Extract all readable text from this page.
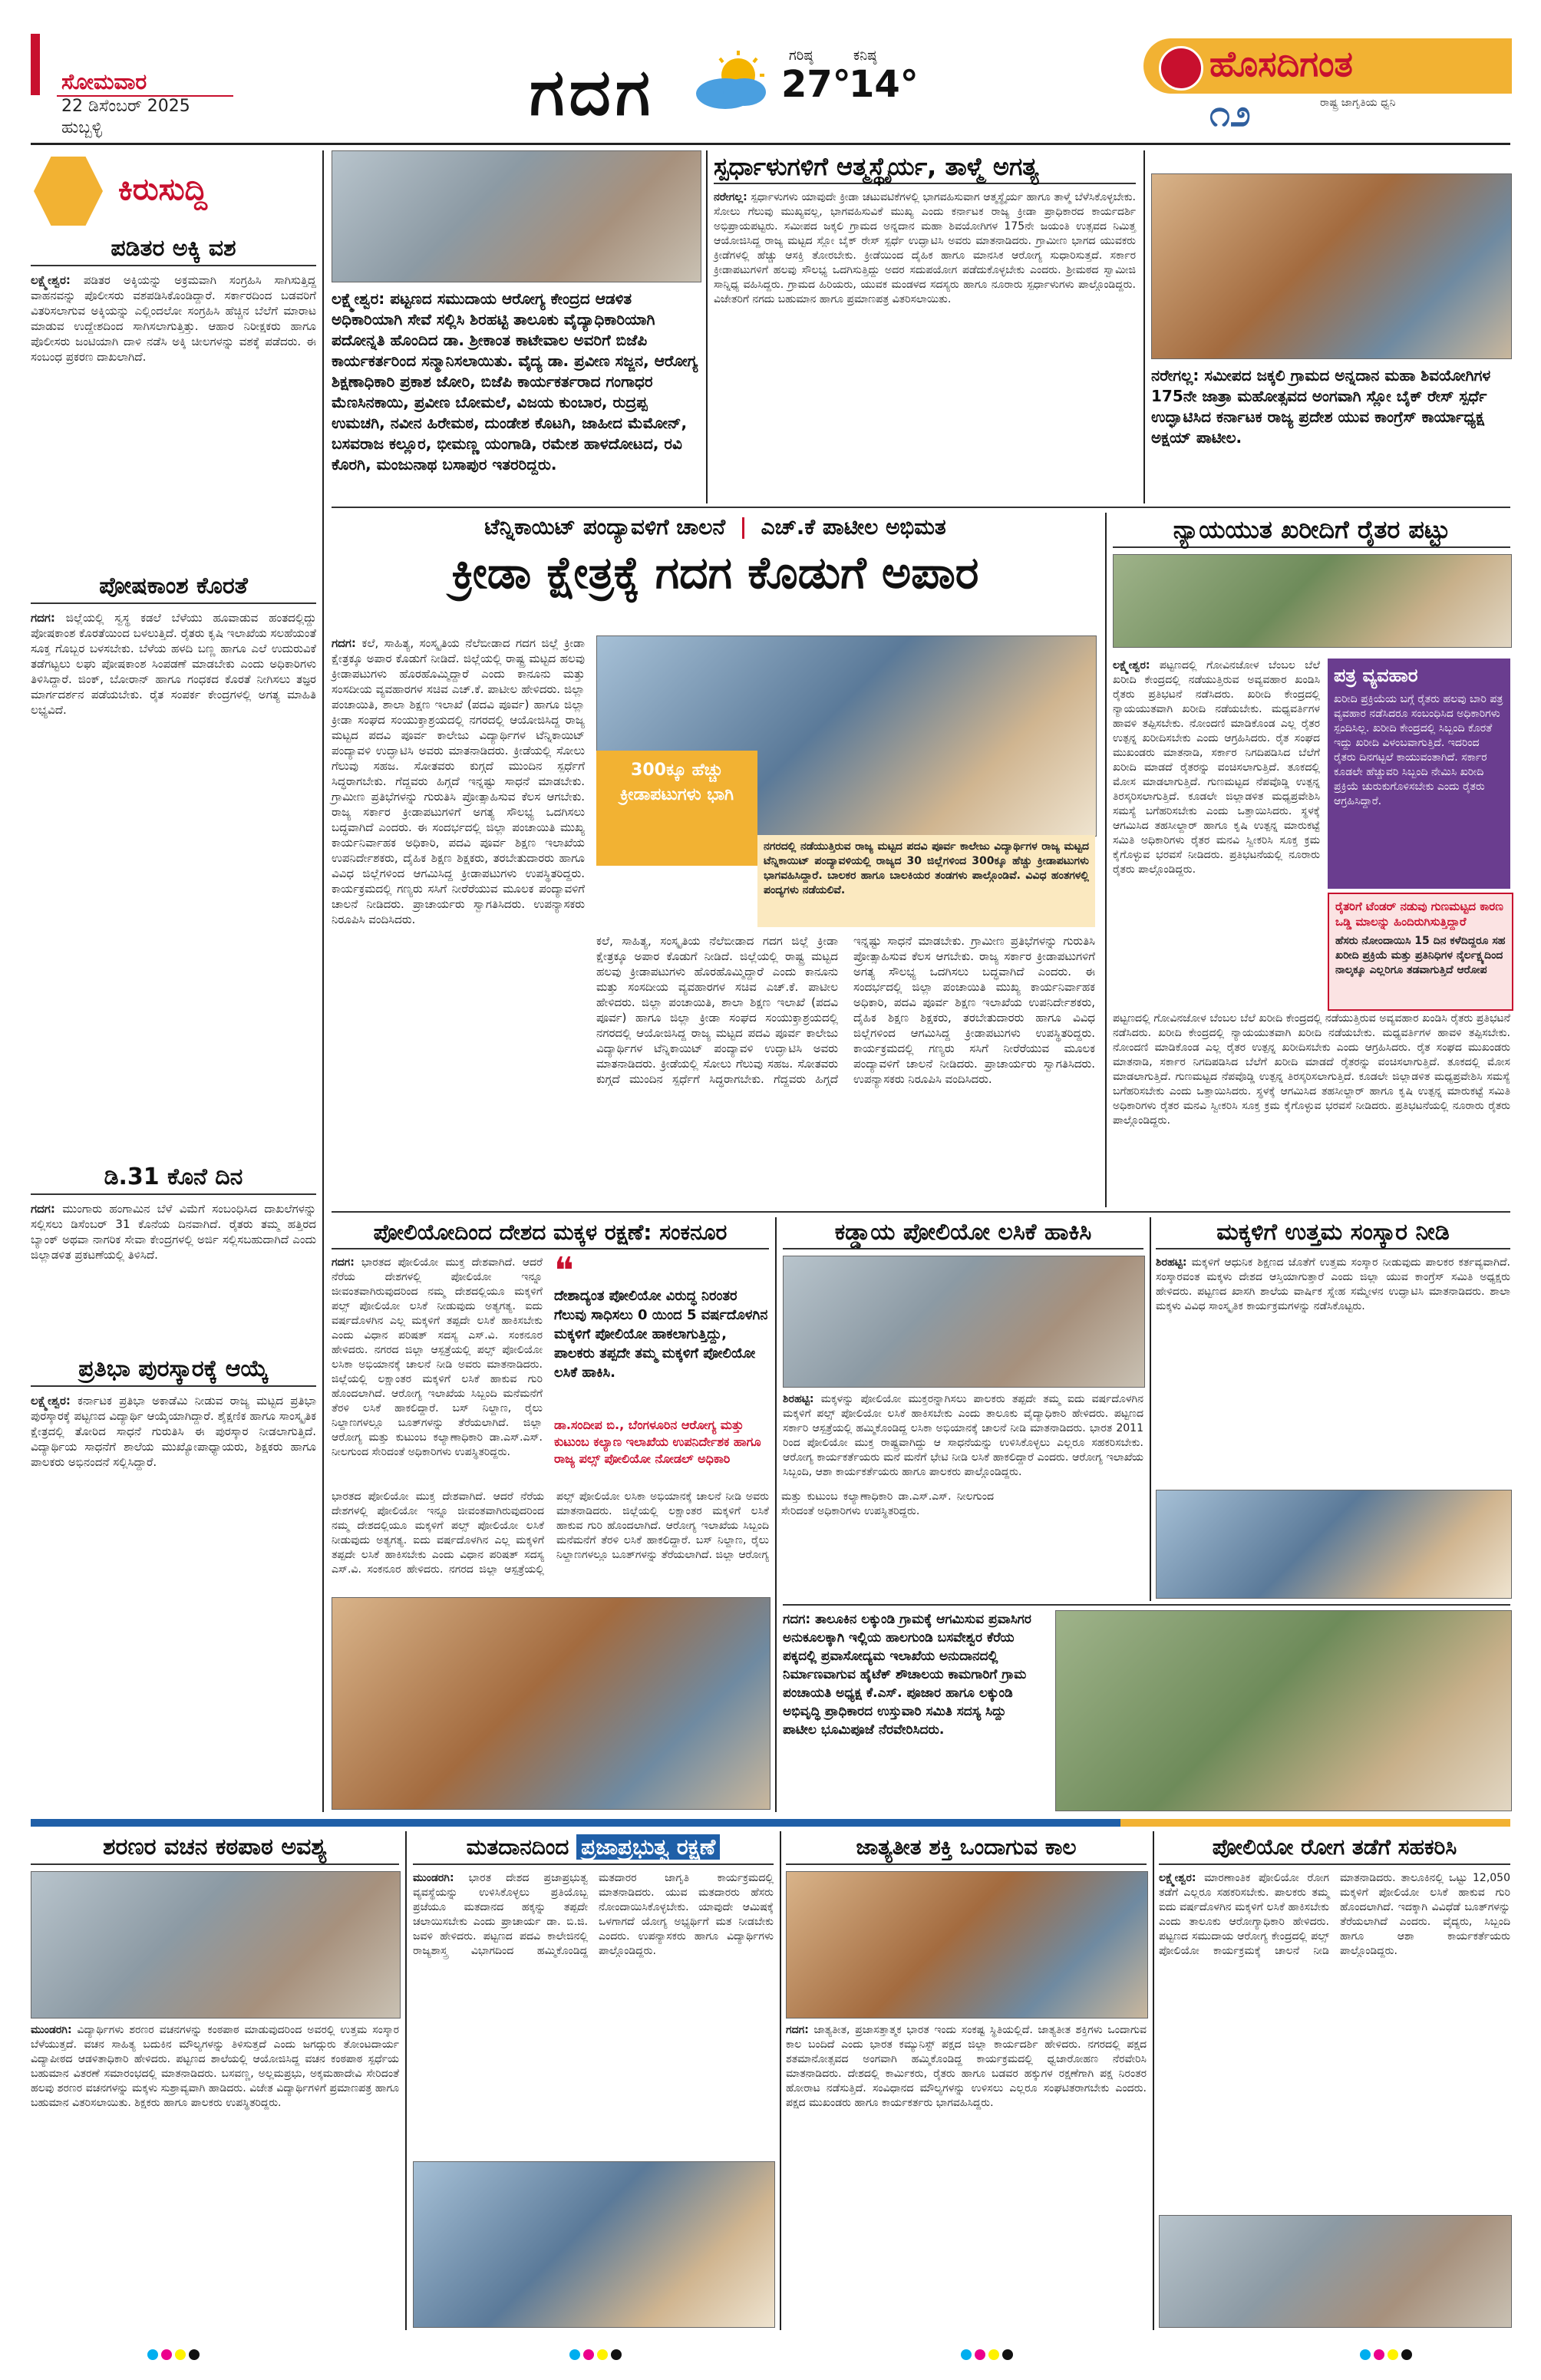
ಸೋಮವಾರ
22 ಡಿಸೆಂಬರ್ 2025
ಹುಬ್ಬಳ್ಳಿ	ಗದಗ	ಗರಿಷ್ಠ
27°
ಕನಿಷ್ಠ
14°	ಹೊಸದಿಗಂತ
ರಾಷ್ಟ್ರ ಜಾಗೃತಿಯ ಧ್ವನಿ
೧೨
ಕಿರುಸುದ್ದಿ
ಪಡಿತರ ಅಕ್ಕಿ ವಶ
ಲಕ್ಷ್ಮೇಶ್ವರ: ಪಡಿತರ ಅಕ್ಕಿಯನ್ನು ಅಕ್ರಮವಾಗಿ ಸಂಗ್ರಹಿಸಿ ಸಾಗಿಸುತ್ತಿದ್ದ ವಾಹನವನ್ನು ಪೊಲೀಸರು ವಶಪಡಿಸಿಕೊಂಡಿದ್ದಾರೆ. ಸರ್ಕಾರದಿಂದ ಬಡವರಿಗೆ ವಿತರಿಸಲಾಗುವ ಅಕ್ಕಿಯನ್ನು ಎಲ್ಲಿಂದಲೋ ಸಂಗ್ರಹಿಸಿ ಹೆಚ್ಚಿನ ಬೆಲೆಗೆ ಮಾರಾಟ ಮಾಡುವ ಉದ್ದೇಶದಿಂದ ಸಾಗಿಸಲಾಗುತ್ತಿತ್ತು. ಆಹಾರ ನಿರೀಕ್ಷಕರು ಹಾಗೂ ಪೊಲೀಸರು ಜಂಟಿಯಾಗಿ ದಾಳಿ ನಡೆಸಿ ಅಕ್ಕಿ ಚೀಲಗಳನ್ನು ವಶಕ್ಕೆ ಪಡೆದರು. ಈ ಸಂಬಂಧ ಪ್ರಕರಣ ದಾಖಲಾಗಿದೆ.
ಪೋಷಕಾಂಶ ಕೊರತೆ
ಗದಗ: ಜಿಲ್ಲೆಯಲ್ಲಿ ಸ್ವಸ್ಥ ಕಡಲೆ ಬೆಳೆಯು ಹೂವಾಡುವ ಹಂತದಲ್ಲಿದ್ದು ಪೋಷಕಾಂಶ ಕೊರತೆಯಿಂದ ಬಳಲುತ್ತಿದೆ. ರೈತರು ಕೃಷಿ ಇಲಾಖೆಯ ಸಲಹೆಯಂತೆ ಸೂಕ್ತ ಗೊಬ್ಬರ ಬಳಸಬೇಕು. ಬೆಳೆಯ ಹಳದಿ ಬಣ್ಣ ಹಾಗೂ ಎಲೆ ಉದುರುವಿಕೆ ತಡೆಗಟ್ಟಲು ಲಘು ಪೋಷಕಾಂಶ ಸಿಂಪಡಣೆ ಮಾಡಬೇಕು ಎಂದು ಅಧಿಕಾರಿಗಳು ತಿಳಿಸಿದ್ದಾರೆ. ಜಿಂಕ್, ಬೋರಾನ್ ಹಾಗೂ ಗಂಧಕದ ಕೊರತೆ ನೀಗಿಸಲು ತಜ್ಞರ ಮಾರ್ಗದರ್ಶನ ಪಡೆಯಬೇಕು. ರೈತ ಸಂಪರ್ಕ ಕೇಂದ್ರಗಳಲ್ಲಿ ಅಗತ್ಯ ಮಾಹಿತಿ ಲಭ್ಯವಿದೆ.
ಡಿ.31 ಕೊನೆ ದಿನ
ಗದಗ: ಮುಂಗಾರು ಹಂಗಾಮಿನ ಬೆಳೆ ವಿಮೆಗೆ ಸಂಬಂಧಿಸಿದ ದಾಖಲೆಗಳನ್ನು ಸಲ್ಲಿಸಲು ಡಿಸೆಂಬರ್ 31 ಕೊನೆಯ ದಿನವಾಗಿದೆ. ರೈತರು ತಮ್ಮ ಹತ್ತಿರದ ಬ್ಯಾಂಕ್ ಅಥವಾ ನಾಗರಿಕ ಸೇವಾ ಕೇಂದ್ರಗಳಲ್ಲಿ ಅರ್ಜಿ ಸಲ್ಲಿಸಬಹುದಾಗಿದೆ ಎಂದು ಜಿಲ್ಲಾಡಳಿತ ಪ್ರಕಟಣೆಯಲ್ಲಿ ತಿಳಿಸಿದೆ.
ಪ್ರತಿಭಾ ಪುರಸ್ಕಾರಕ್ಕೆ ಆಯ್ಕೆ
ಲಕ್ಷ್ಮೇಶ್ವರ: ಕರ್ನಾಟಕ ಪ್ರತಿಭಾ ಅಕಾಡೆಮಿ ನೀಡುವ ರಾಜ್ಯ ಮಟ್ಟದ ಪ್ರತಿಭಾ ಪುರಸ್ಕಾರಕ್ಕೆ ಪಟ್ಟಣದ ವಿದ್ಯಾರ್ಥಿ ಆಯ್ಕೆಯಾಗಿದ್ದಾರೆ. ಶೈಕ್ಷಣಿಕ ಹಾಗೂ ಸಾಂಸ್ಕೃತಿಕ ಕ್ಷೇತ್ರದಲ್ಲಿ ತೋರಿದ ಸಾಧನೆ ಗುರುತಿಸಿ ಈ ಪುರಸ್ಕಾರ ನೀಡಲಾಗುತ್ತಿದೆ. ವಿದ್ಯಾರ್ಥಿಯ ಸಾಧನೆಗೆ ಶಾಲೆಯ ಮುಖ್ಯೋಪಾಧ್ಯಾಯರು, ಶಿಕ್ಷಕರು ಹಾಗೂ ಪಾಲಕರು ಅಭಿನಂದನೆ ಸಲ್ಲಿಸಿದ್ದಾರೆ.
ಲಕ್ಷ್ಮೇಶ್ವರ: ಪಟ್ಟಣದ ಸಮುದಾಯ ಆರೋಗ್ಯ ಕೇಂದ್ರದ ಆಡಳಿತ ಅಧಿಕಾರಿಯಾಗಿ ಸೇವೆ ಸಲ್ಲಿಸಿ ಶಿರಹಟ್ಟಿ ತಾಲೂಕು ವೈದ್ಯಾಧಿಕಾರಿಯಾಗಿ ಪದೋನ್ನತಿ ಹೊಂದಿದ ಡಾ. ಶ್ರೀಕಾಂತ ಕಾಟೇವಾಲ ಅವರಿಗೆ ಬಿಜೆಪಿ ಕಾರ್ಯಕರ್ತರಿಂದ ಸನ್ಮಾನಿಸಲಾಯಿತು. ವೈದ್ಯ ಡಾ. ಪ್ರವೀಣ ಸಜ್ಜನ, ಆರೋಗ್ಯ ಶಿಕ್ಷಣಾಧಿಕಾರಿ ಪ್ರಕಾಶ ಜೋರಿ, ಬಿಜೆಪಿ ಕಾರ್ಯಕರ್ತರಾದ ಗಂಗಾಧರ ಮೆಣಸಿನಕಾಯಿ, ಪ್ರವೀಣ ಬೋಮಲೆ, ವಿಜಯ ಕುಂಬಾರ, ರುದ್ರಪ್ಪ ಉಮಚಗಿ, ನವೀನ ಹಿರೇಮಠ, ದುಂಡೇಶ ಕೊಟಗಿ, ಜಾಹೀದ ಮೆಮೋನ್, ಬಸವರಾಜ ಕಲ್ಲೂರ, ಭೀಮಣ್ಣ ಯಂಗಾಡಿ, ರಮೇಶ ಹಾಳದೋಟದ, ರವಿ ಕೊರಗಿ, ಮಂಜುನಾಥ ಬಸಾಪುರ ಇತರರಿದ್ದರು.
ಸ್ಪರ್ಧಾಳುಗಳಿಗೆ ಆತ್ಮಸ್ಥೈರ್ಯ, ತಾಳ್ಮೆ ಅಗತ್ಯ
ನರೇಗಲ್ಲ: ಸ್ಪರ್ಧಾಳುಗಳು ಯಾವುದೇ ಕ್ರೀಡಾ ಚಟುವಟಿಕೆಗಳಲ್ಲಿ ಭಾಗವಹಿಸುವಾಗ ಆತ್ಮಸ್ಥೈರ್ಯ ಹಾಗೂ ತಾಳ್ಮೆ ಬೆಳೆಸಿಕೊಳ್ಳಬೇಕು. ಸೋಲು ಗೆಲುವು ಮುಖ್ಯವಲ್ಲ, ಭಾಗವಹಿಸುವಿಕೆ ಮುಖ್ಯ ಎಂದು ಕರ್ನಾಟಕ ರಾಜ್ಯ ಕ್ರೀಡಾ ಪ್ರಾಧಿಕಾರದ ಕಾರ್ಯದರ್ಶಿ ಅಭಿಪ್ರಾಯಪಟ್ಟರು. ಸಮೀಪದ ಜಕ್ಕಲಿ ಗ್ರಾಮದ ಅನ್ನದಾನ ಮಹಾ ಶಿವಯೋಗಿಗಳ 175ನೇ ಜಯಂತಿ ಉತ್ಸವದ ನಿಮಿತ್ತ ಆಯೋಜಿಸಿದ್ದ ರಾಜ್ಯ ಮಟ್ಟದ ಸ್ಲೋ ಬೈಕ್ ರೇಸ್ ಸ್ಪರ್ಧೆ ಉದ್ಘಾಟಿಸಿ ಅವರು ಮಾತನಾಡಿದರು. ಗ್ರಾಮೀಣ ಭಾಗದ ಯುವಕರು ಕ್ರೀಡೆಗಳಲ್ಲಿ ಹೆಚ್ಚು ಆಸಕ್ತಿ ತೋರಬೇಕು. ಕ್ರೀಡೆಯಿಂದ ದೈಹಿಕ ಹಾಗೂ ಮಾನಸಿಕ ಆರೋಗ್ಯ ಸುಧಾರಿಸುತ್ತದೆ. ಸರ್ಕಾರ ಕ್ರೀಡಾಪಟುಗಳಿಗೆ ಹಲವು ಸೌಲಭ್ಯ ಒದಗಿಸುತ್ತಿದ್ದು ಅದರ ಸದುಪಯೋಗ ಪಡೆದುಕೊಳ್ಳಬೇಕು ಎಂದರು. ಶ್ರೀಮಠದ ಸ್ವಾಮೀಜಿ ಸಾನ್ನಿಧ್ಯ ವಹಿಸಿದ್ದರು. ಗ್ರಾಮದ ಹಿರಿಯರು, ಯುವಕ ಮಂಡಳದ ಸದಸ್ಯರು ಹಾಗೂ ನೂರಾರು ಸ್ಪರ್ಧಾಳುಗಳು ಪಾಲ್ಗೊಂಡಿದ್ದರು. ವಿಜೇತರಿಗೆ ನಗದು ಬಹುಮಾನ ಹಾಗೂ ಪ್ರಮಾಣಪತ್ರ ವಿತರಿಸಲಾಯಿತು.
ನರೇಗಲ್ಲ: ಸಮೀಪದ ಜಕ್ಕಲಿ ಗ್ರಾಮದ ಅನ್ನದಾನ ಮಹಾ ಶಿವಯೋಗಿಗಳ 175ನೇ ಜಾತ್ರಾ ಮಹೋತ್ಸವದ ಅಂಗವಾಗಿ ಸ್ಲೋ ಬೈಕ್ ರೇಸ್ ಸ್ಪರ್ಧೆ ಉದ್ಘಾಟಿಸಿದ ಕರ್ನಾಟಕ ರಾಜ್ಯ ಪ್ರದೇಶ ಯುವ ಕಾಂಗ್ರೆಸ್ ಕಾರ್ಯಾಧ್ಯಕ್ಷ ಅಕ್ಷಯ್ ಪಾಟೀಲ.
ಟೆನ್ನಿಕಾಯಿಟ್ ಪಂದ್ಯಾವಳಿಗೆ ಚಾಲನೆ ಎಚ್.ಕೆ ಪಾಟೀಲ ಅಭಿಮತ
ಕ್ರೀಡಾ ಕ್ಷೇತ್ರಕ್ಕೆ ಗದಗ ಕೊಡುಗೆ ಅಪಾರ
ಗದಗ: ಕಲೆ, ಸಾಹಿತ್ಯ, ಸಂಸ್ಕೃತಿಯ ನೆಲೆಬೀಡಾದ ಗದಗ ಜಿಲ್ಲೆ ಕ್ರೀಡಾ ಕ್ಷೇತ್ರಕ್ಕೂ ಅಪಾರ ಕೊಡುಗೆ ನೀಡಿದೆ. ಜಿಲ್ಲೆಯಲ್ಲಿ ರಾಷ್ಟ್ರ ಮಟ್ಟದ ಹಲವು ಕ್ರೀಡಾಪಟುಗಳು ಹೊರಹೊಮ್ಮಿದ್ದಾರೆ ಎಂದು ಕಾನೂನು ಮತ್ತು ಸಂಸದೀಯ ವ್ಯವಹಾರಗಳ ಸಚಿವ ಎಚ್.ಕೆ. ಪಾಟೀಲ ಹೇಳಿದರು. ಜಿಲ್ಲಾ ಪಂಚಾಯಿತಿ, ಶಾಲಾ ಶಿಕ್ಷಣ ಇಲಾಖೆ (ಪದವಿ ಪೂರ್ವ) ಹಾಗೂ ಜಿಲ್ಲಾ ಕ್ರೀಡಾ ಸಂಘದ ಸಂಯುಕ್ತಾಶ್ರಯದಲ್ಲಿ ನಗರದಲ್ಲಿ ಆಯೋಜಿಸಿದ್ದ ರಾಜ್ಯ ಮಟ್ಟದ ಪದವಿ ಪೂರ್ವ ಕಾಲೇಜು ವಿದ್ಯಾರ್ಥಿಗಳ ಟೆನ್ನಿಕಾಯಿಟ್ ಪಂದ್ಯಾವಳಿ ಉದ್ಘಾಟಿಸಿ ಅವರು ಮಾತನಾಡಿದರು. ಕ್ರೀಡೆಯಲ್ಲಿ ಸೋಲು ಗೆಲುವು ಸಹಜ. ಸೋತವರು ಕುಗ್ಗದೆ ಮುಂದಿನ ಸ್ಪರ್ಧೆಗೆ ಸಿದ್ಧರಾಗಬೇಕು. ಗೆದ್ದವರು ಹಿಗ್ಗದೆ ಇನ್ನಷ್ಟು ಸಾಧನೆ ಮಾಡಬೇಕು. ಗ್ರಾಮೀಣ ಪ್ರತಿಭೆಗಳನ್ನು ಗುರುತಿಸಿ ಪ್ರೋತ್ಸಾಹಿಸುವ ಕೆಲಸ ಆಗಬೇಕು. ರಾಜ್ಯ ಸರ್ಕಾರ ಕ್ರೀಡಾಪಟುಗಳಿಗೆ ಅಗತ್ಯ ಸೌಲಭ್ಯ ಒದಗಿಸಲು ಬದ್ಧವಾಗಿದೆ ಎಂದರು. ಈ ಸಂದರ್ಭದಲ್ಲಿ ಜಿಲ್ಲಾ ಪಂಚಾಯಿತಿ ಮುಖ್ಯ ಕಾರ್ಯನಿರ್ವಾಹಕ ಅಧಿಕಾರಿ, ಪದವಿ ಪೂರ್ವ ಶಿಕ್ಷಣ ಇಲಾಖೆಯ ಉಪನಿರ್ದೇಶಕರು, ದೈಹಿಕ ಶಿಕ್ಷಣ ಶಿಕ್ಷಕರು, ತರಬೇತುದಾರರು ಹಾಗೂ ವಿವಿಧ ಜಿಲ್ಲೆಗಳಿಂದ ಆಗಮಿಸಿದ್ದ ಕ್ರೀಡಾಪಟುಗಳು ಉಪಸ್ಥಿತರಿದ್ದರು. ಕಾರ್ಯಕ್ರಮದಲ್ಲಿ ಗಣ್ಯರು ಸಸಿಗೆ ನೀರೆರೆಯುವ ಮೂಲಕ ಪಂದ್ಯಾವಳಿಗೆ ಚಾಲನೆ ನೀಡಿದರು. ಪ್ರಾಚಾರ್ಯರು ಸ್ವಾಗತಿಸಿದರು. ಉಪನ್ಯಾಸಕರು ನಿರೂಪಿಸಿ ವಂದಿಸಿದರು.
300ಕ್ಕೂ ಹೆಚ್ಚು ಕ್ರೀಡಾಪಟುಗಳು ಭಾಗಿ
ನಗರದಲ್ಲಿ ನಡೆಯುತ್ತಿರುವ ರಾಜ್ಯ ಮಟ್ಟದ ಪದವಿ ಪೂರ್ವ ಕಾಲೇಜು ವಿದ್ಯಾರ್ಥಿಗಳ ರಾಜ್ಯ ಮಟ್ಟದ ಟೆನ್ನಿಕಾಯಿಟ್ ಪಂದ್ಯಾವಳಿಯಲ್ಲಿ ರಾಜ್ಯದ 30 ಜಿಲ್ಲೆಗಳಿಂದ 300ಕ್ಕೂ ಹೆಚ್ಚು ಕ್ರೀಡಾಪಟುಗಳು ಭಾಗವಹಿಸಿದ್ದಾರೆ. ಬಾಲಕರ ಹಾಗೂ ಬಾಲಕಿಯರ ತಂಡಗಳು ಪಾಲ್ಗೊಂಡಿವೆ. ವಿವಿಧ ಹಂತಗಳಲ್ಲಿ ಪಂದ್ಯಗಳು ನಡೆಯಲಿವೆ.
ಕಲೆ, ಸಾಹಿತ್ಯ, ಸಂಸ್ಕೃತಿಯ ನೆಲೆಬೀಡಾದ ಗದಗ ಜಿಲ್ಲೆ ಕ್ರೀಡಾ ಕ್ಷೇತ್ರಕ್ಕೂ ಅಪಾರ ಕೊಡುಗೆ ನೀಡಿದೆ. ಜಿಲ್ಲೆಯಲ್ಲಿ ರಾಷ್ಟ್ರ ಮಟ್ಟದ ಹಲವು ಕ್ರೀಡಾಪಟುಗಳು ಹೊರಹೊಮ್ಮಿದ್ದಾರೆ ಎಂದು ಕಾನೂನು ಮತ್ತು ಸಂಸದೀಯ ವ್ಯವಹಾರಗಳ ಸಚಿವ ಎಚ್.ಕೆ. ಪಾಟೀಲ ಹೇಳಿದರು. ಜಿಲ್ಲಾ ಪಂಚಾಯಿತಿ, ಶಾಲಾ ಶಿಕ್ಷಣ ಇಲಾಖೆ (ಪದವಿ ಪೂರ್ವ) ಹಾಗೂ ಜಿಲ್ಲಾ ಕ್ರೀಡಾ ಸಂಘದ ಸಂಯುಕ್ತಾಶ್ರಯದಲ್ಲಿ ನಗರದಲ್ಲಿ ಆಯೋಜಿಸಿದ್ದ ರಾಜ್ಯ ಮಟ್ಟದ ಪದವಿ ಪೂರ್ವ ಕಾಲೇಜು ವಿದ್ಯಾರ್ಥಿಗಳ ಟೆನ್ನಿಕಾಯಿಟ್ ಪಂದ್ಯಾವಳಿ ಉದ್ಘಾಟಿಸಿ ಅವರು ಮಾತನಾಡಿದರು. ಕ್ರೀಡೆಯಲ್ಲಿ ಸೋಲು ಗೆಲುವು ಸಹಜ. ಸೋತವರು ಕುಗ್ಗದೆ ಮುಂದಿನ ಸ್ಪರ್ಧೆಗೆ ಸಿದ್ಧರಾಗಬೇಕು. ಗೆದ್ದವರು ಹಿಗ್ಗದೆ ಇನ್ನಷ್ಟು ಸಾಧನೆ ಮಾಡಬೇಕು. ಗ್ರಾಮೀಣ ಪ್ರತಿಭೆಗಳನ್ನು ಗುರುತಿಸಿ ಪ್ರೋತ್ಸಾಹಿಸುವ ಕೆಲಸ ಆಗಬೇಕು. ರಾಜ್ಯ ಸರ್ಕಾರ ಕ್ರೀಡಾಪಟುಗಳಿಗೆ ಅಗತ್ಯ ಸೌಲಭ್ಯ ಒದಗಿಸಲು ಬದ್ಧವಾಗಿದೆ ಎಂದರು. ಈ ಸಂದರ್ಭದಲ್ಲಿ ಜಿಲ್ಲಾ ಪಂಚಾಯಿತಿ ಮುಖ್ಯ ಕಾರ್ಯನಿರ್ವಾಹಕ ಅಧಿಕಾರಿ, ಪದವಿ ಪೂರ್ವ ಶಿಕ್ಷಣ ಇಲಾಖೆಯ ಉಪನಿರ್ದೇಶಕರು, ದೈಹಿಕ ಶಿಕ್ಷಣ ಶಿಕ್ಷಕರು, ತರಬೇತುದಾರರು ಹಾಗೂ ವಿವಿಧ ಜಿಲ್ಲೆಗಳಿಂದ ಆಗಮಿಸಿದ್ದ ಕ್ರೀಡಾಪಟುಗಳು ಉಪಸ್ಥಿತರಿದ್ದರು. ಕಾರ್ಯಕ್ರಮದಲ್ಲಿ ಗಣ್ಯರು ಸಸಿಗೆ ನೀರೆರೆಯುವ ಮೂಲಕ ಪಂದ್ಯಾವಳಿಗೆ ಚಾಲನೆ ನೀಡಿದರು. ಪ್ರಾಚಾರ್ಯರು ಸ್ವಾಗತಿಸಿದರು. ಉಪನ್ಯಾಸಕರು ನಿರೂಪಿಸಿ ವಂದಿಸಿದರು.
ನ್ಯಾಯಯುತ ಖರೀದಿಗೆ ರೈತರ ಪಟ್ಟು
ಲಕ್ಷ್ಮೇಶ್ವರ: ಪಟ್ಟಣದಲ್ಲಿ ಗೋವಿನಜೋಳ ಬೆಂಬಲ ಬೆಲೆ ಖರೀದಿ ಕೇಂದ್ರದಲ್ಲಿ ನಡೆಯುತ್ತಿರುವ ಅವ್ಯವಹಾರ ಖಂಡಿಸಿ ರೈತರು ಪ್ರತಿಭಟನೆ ನಡೆಸಿದರು. ಖರೀದಿ ಕೇಂದ್ರದಲ್ಲಿ ನ್ಯಾಯಯುತವಾಗಿ ಖರೀದಿ ನಡೆಯಬೇಕು. ಮಧ್ಯವರ್ತಿಗಳ ಹಾವಳಿ ತಪ್ಪಿಸಬೇಕು. ನೋಂದಣಿ ಮಾಡಿಕೊಂಡ ಎಲ್ಲ ರೈತರ ಉತ್ಪನ್ನ ಖರೀದಿಸಬೇಕು ಎಂದು ಆಗ್ರಹಿಸಿದರು. ರೈತ ಸಂಘದ ಮುಖಂಡರು ಮಾತನಾಡಿ, ಸರ್ಕಾರ ನಿಗದಿಪಡಿಸಿದ ಬೆಲೆಗೆ ಖರೀದಿ ಮಾಡದೆ ರೈತರನ್ನು ವಂಚಿಸಲಾಗುತ್ತಿದೆ. ತೂಕದಲ್ಲಿ ಮೋಸ ಮಾಡಲಾಗುತ್ತಿದೆ. ಗುಣಮಟ್ಟದ ನೆಪವೊಡ್ಡಿ ಉತ್ಪನ್ನ ತಿರಸ್ಕರಿಸಲಾಗುತ್ತಿದೆ. ಕೂಡಲೇ ಜಿಲ್ಲಾಡಳಿತ ಮಧ್ಯಪ್ರವೇಶಿಸಿ ಸಮಸ್ಯೆ ಬಗೆಹರಿಸಬೇಕು ಎಂದು ಒತ್ತಾಯಿಸಿದರು. ಸ್ಥಳಕ್ಕೆ ಆಗಮಿಸಿದ ತಹಸೀಲ್ದಾರ್ ಹಾಗೂ ಕೃಷಿ ಉತ್ಪನ್ನ ಮಾರುಕಟ್ಟೆ ಸಮಿತಿ ಅಧಿಕಾರಿಗಳು ರೈತರ ಮನವಿ ಸ್ವೀಕರಿಸಿ ಸೂಕ್ತ ಕ್ರಮ ಕೈಗೊಳ್ಳುವ ಭರವಸೆ ನೀಡಿದರು. ಪ್ರತಿಭಟನೆಯಲ್ಲಿ ನೂರಾರು ರೈತರು ಪಾಲ್ಗೊಂಡಿದ್ದರು.
ಪತ್ರ ವ್ಯವಹಾರ
ಖರೀದಿ ಪ್ರಕ್ರಿಯೆಯ ಬಗ್ಗೆ ರೈತರು ಹಲವು ಬಾರಿ ಪತ್ರ ವ್ಯವಹಾರ ನಡೆಸಿದರೂ ಸಂಬಂಧಿಸಿದ ಅಧಿಕಾರಿಗಳು ಸ್ಪಂದಿಸಿಲ್ಲ. ಖರೀದಿ ಕೇಂದ್ರದಲ್ಲಿ ಸಿಬ್ಬಂದಿ ಕೊರತೆ ಇದ್ದು ಖರೀದಿ ವಿಳಂಬವಾಗುತ್ತಿದೆ. ಇದರಿಂದ ರೈತರು ದಿನಗಟ್ಟಲೆ ಕಾಯುವಂತಾಗಿದೆ. ಸರ್ಕಾರ ಕೂಡಲೇ ಹೆಚ್ಚುವರಿ ಸಿಬ್ಬಂದಿ ನೇಮಿಸಿ ಖರೀದಿ ಪ್ರಕ್ರಿಯೆ ಚುರುಕುಗೊಳಿಸಬೇಕು ಎಂದು ರೈತರು ಆಗ್ರಹಿಸಿದ್ದಾರೆ.
ರೈತರಿಗೆ ಟೆಂಡರ್ ನಡುವು ಗುಣಮಟ್ಟದ ಕಾರಣ ಒಡ್ಡಿ ಮಾಲನ್ನು ಹಿಂದಿರುಗಿಸುತ್ತಿದ್ದಾರೆ
ಹೆಸರು ನೋಂದಾಯಿಸಿ 15 ದಿನ ಕಳೆದಿದ್ದರೂ ಸಹ ಖರೀದಿ ಪ್ರಕ್ರಿಯೆ ಮತ್ತು ಪ್ರತಿನಿಧಿಗಳ ನೈರ್ಲಕ್ಷ್ಯದಿಂದ ನಾಲ್ಕಕ್ಕೂ ಎಲ್ಲರಿಗೂ ತಡವಾಗುತ್ತಿದೆ ಆರೋಪ
ಪಟ್ಟಣದಲ್ಲಿ ಗೋವಿನಜೋಳ ಬೆಂಬಲ ಬೆಲೆ ಖರೀದಿ ಕೇಂದ್ರದಲ್ಲಿ ನಡೆಯುತ್ತಿರುವ ಅವ್ಯವಹಾರ ಖಂಡಿಸಿ ರೈತರು ಪ್ರತಿಭಟನೆ ನಡೆಸಿದರು. ಖರೀದಿ ಕೇಂದ್ರದಲ್ಲಿ ನ್ಯಾಯಯುತವಾಗಿ ಖರೀದಿ ನಡೆಯಬೇಕು. ಮಧ್ಯವರ್ತಿಗಳ ಹಾವಳಿ ತಪ್ಪಿಸಬೇಕು. ನೋಂದಣಿ ಮಾಡಿಕೊಂಡ ಎಲ್ಲ ರೈತರ ಉತ್ಪನ್ನ ಖರೀದಿಸಬೇಕು ಎಂದು ಆಗ್ರಹಿಸಿದರು. ರೈತ ಸಂಘದ ಮುಖಂಡರು ಮಾತನಾಡಿ, ಸರ್ಕಾರ ನಿಗದಿಪಡಿಸಿದ ಬೆಲೆಗೆ ಖರೀದಿ ಮಾಡದೆ ರೈತರನ್ನು ವಂಚಿಸಲಾಗುತ್ತಿದೆ. ತೂಕದಲ್ಲಿ ಮೋಸ ಮಾಡಲಾಗುತ್ತಿದೆ. ಗುಣಮಟ್ಟದ ನೆಪವೊಡ್ಡಿ ಉತ್ಪನ್ನ ತಿರಸ್ಕರಿಸಲಾಗುತ್ತಿದೆ. ಕೂಡಲೇ ಜಿಲ್ಲಾಡಳಿತ ಮಧ್ಯಪ್ರವೇಶಿಸಿ ಸಮಸ್ಯೆ ಬಗೆಹರಿಸಬೇಕು ಎಂದು ಒತ್ತಾಯಿಸಿದರು. ಸ್ಥಳಕ್ಕೆ ಆಗಮಿಸಿದ ತಹಸೀಲ್ದಾರ್ ಹಾಗೂ ಕೃಷಿ ಉತ್ಪನ್ನ ಮಾರುಕಟ್ಟೆ ಸಮಿತಿ ಅಧಿಕಾರಿಗಳು ರೈತರ ಮನವಿ ಸ್ವೀಕರಿಸಿ ಸೂಕ್ತ ಕ್ರಮ ಕೈಗೊಳ್ಳುವ ಭರವಸೆ ನೀಡಿದರು. ಪ್ರತಿಭಟನೆಯಲ್ಲಿ ನೂರಾರು ರೈತರು ಪಾಲ್ಗೊಂಡಿದ್ದರು.
ಪೋಲಿಯೋದಿಂದ ದೇಶದ ಮಕ್ಕಳ ರಕ್ಷಣೆ: ಸಂಕನೂರ
ಗದಗ: ಭಾರತದ ಪೋಲಿಯೋ ಮುಕ್ತ ದೇಶವಾಗಿದೆ. ಆದರೆ ನೆರೆಯ ದೇಶಗಳಲ್ಲಿ ಪೋಲಿಯೋ ಇನ್ನೂ ಜೀವಂತವಾಗಿರುವುದರಿಂದ ನಮ್ಮ ದೇಶದಲ್ಲಿಯೂ ಮಕ್ಕಳಿಗೆ ಪಲ್ಸ್ ಪೋಲಿಯೋ ಲಸಿಕೆ ನೀಡುವುದು ಅತ್ಯಗತ್ಯ. ಐದು ವರ್ಷದೊಳಗಿನ ಎಲ್ಲ ಮಕ್ಕಳಿಗೆ ತಪ್ಪದೇ ಲಸಿಕೆ ಹಾಕಿಸಬೇಕು ಎಂದು ವಿಧಾನ ಪರಿಷತ್ ಸದಸ್ಯ ಎಸ್.ವಿ. ಸಂಕನೂರ ಹೇಳಿದರು. ನಗರದ ಜಿಲ್ಲಾ ಆಸ್ಪತ್ರೆಯಲ್ಲಿ ಪಲ್ಸ್ ಪೋಲಿಯೋ ಲಸಿಕಾ ಅಭಿಯಾನಕ್ಕೆ ಚಾಲನೆ ನೀಡಿ ಅವರು ಮಾತನಾಡಿದರು. ಜಿಲ್ಲೆಯಲ್ಲಿ ಲಕ್ಷಾಂತರ ಮಕ್ಕಳಿಗೆ ಲಸಿಕೆ ಹಾಕುವ ಗುರಿ ಹೊಂದಲಾಗಿದೆ. ಆರೋಗ್ಯ ಇಲಾಖೆಯ ಸಿಬ್ಬಂದಿ ಮನೆಮನೆಗೆ ತೆರಳಿ ಲಸಿಕೆ ಹಾಕಲಿದ್ದಾರೆ. ಬಸ್ ನಿಲ್ದಾಣ, ರೈಲು ನಿಲ್ದಾಣಗಳಲ್ಲೂ ಬೂತ್‌ಗಳನ್ನು ತೆರೆಯಲಾಗಿದೆ. ಜಿಲ್ಲಾ ಆರೋಗ್ಯ ಮತ್ತು ಕುಟುಂಬ ಕಲ್ಯಾಣಾಧಿಕಾರಿ ಡಾ.ಎಸ್.ಎಸ್. ನೀಲಗುಂದ ಸೇರಿದಂತೆ ಅಧಿಕಾರಿಗಳು ಉಪಸ್ಥಿತರಿದ್ದರು.
❝
ದೇಶಾದ್ಯಂತ ಪೋಲಿಯೋ ವಿರುದ್ಧ ನಿರಂತರ ಗೆಲುವು ಸಾಧಿಸಲು 0 ಯಿಂದ 5 ವರ್ಷದೊಳಗಿನ ಮಕ್ಕಳಿಗೆ ಪೋಲಿಯೋ ಹಾಕಲಾಗುತ್ತಿದ್ದು, ಪಾಲಕರು ತಪ್ಪದೇ ತಮ್ಮ ಮಕ್ಕಳಿಗೆ ಪೋಲಿಯೋ ಲಸಿಕೆ ಹಾಕಿಸಿ.
ಡಾ.ಸಂದೀಪ ಬಿ., ಬೆಂಗಳೂರಿನ ಆರೋಗ್ಯ ಮತ್ತು ಕುಟುಂಬ ಕಲ್ಯಾಣ ಇಲಾಖೆಯ ಉಪನಿರ್ದೇಶಕ ಹಾಗೂ ರಾಜ್ಯ ಪಲ್ಸ್ ಪೋಲಿಯೋ ನೋಡಲ್ ಅಧಿಕಾರಿ
ಭಾರತದ ಪೋಲಿಯೋ ಮುಕ್ತ ದೇಶವಾಗಿದೆ. ಆದರೆ ನೆರೆಯ ದೇಶಗಳಲ್ಲಿ ಪೋಲಿಯೋ ಇನ್ನೂ ಜೀವಂತವಾಗಿರುವುದರಿಂದ ನಮ್ಮ ದೇಶದಲ್ಲಿಯೂ ಮಕ್ಕಳಿಗೆ ಪಲ್ಸ್ ಪೋಲಿಯೋ ಲಸಿಕೆ ನೀಡುವುದು ಅತ್ಯಗತ್ಯ. ಐದು ವರ್ಷದೊಳಗಿನ ಎಲ್ಲ ಮಕ್ಕಳಿಗೆ ತಪ್ಪದೇ ಲಸಿಕೆ ಹಾಕಿಸಬೇಕು ಎಂದು ವಿಧಾನ ಪರಿಷತ್ ಸದಸ್ಯ ಎಸ್.ವಿ. ಸಂಕನೂರ ಹೇಳಿದರು. ನಗರದ ಜಿಲ್ಲಾ ಆಸ್ಪತ್ರೆಯಲ್ಲಿ ಪಲ್ಸ್ ಪೋಲಿಯೋ ಲಸಿಕಾ ಅಭಿಯಾನಕ್ಕೆ ಚಾಲನೆ ನೀಡಿ ಅವರು ಮಾತನಾಡಿದರು. ಜಿಲ್ಲೆಯಲ್ಲಿ ಲಕ್ಷಾಂತರ ಮಕ್ಕಳಿಗೆ ಲಸಿಕೆ ಹಾಕುವ ಗುರಿ ಹೊಂದಲಾಗಿದೆ. ಆರೋಗ್ಯ ಇಲಾಖೆಯ ಸಿಬ್ಬಂದಿ ಮನೆಮನೆಗೆ ತೆರಳಿ ಲಸಿಕೆ ಹಾಕಲಿದ್ದಾರೆ. ಬಸ್ ನಿಲ್ದಾಣ, ರೈಲು ನಿಲ್ದಾಣಗಳಲ್ಲೂ ಬೂತ್‌ಗಳನ್ನು ತೆರೆಯಲಾಗಿದೆ. ಜಿಲ್ಲಾ ಆರೋಗ್ಯ ಮತ್ತು ಕುಟುಂಬ ಕಲ್ಯಾಣಾಧಿಕಾರಿ ಡಾ.ಎಸ್.ಎಸ್. ನೀಲಗುಂದ ಸೇರಿದಂತೆ ಅಧಿಕಾರಿಗಳು ಉಪಸ್ಥಿತರಿದ್ದರು.
ಕಡ್ಡಾಯ ಪೋಲಿಯೋ ಲಸಿಕೆ ಹಾಕಿಸಿ
ಶಿರಹಟ್ಟಿ: ಮಕ್ಕಳನ್ನು ಪೋಲಿಯೋ ಮುಕ್ತರನ್ನಾಗಿಸಲು ಪಾಲಕರು ತಪ್ಪದೇ ತಮ್ಮ ಐದು ವರ್ಷದೊಳಗಿನ ಮಕ್ಕಳಿಗೆ ಪಲ್ಸ್ ಪೋಲಿಯೋ ಲಸಿಕೆ ಹಾಕಿಸಬೇಕು ಎಂದು ತಾಲೂಕು ವೈದ್ಯಾಧಿಕಾರಿ ಹೇಳಿದರು. ಪಟ್ಟಣದ ಸರ್ಕಾರಿ ಆಸ್ಪತ್ರೆಯಲ್ಲಿ ಹಮ್ಮಿಕೊಂಡಿದ್ದ ಲಸಿಕಾ ಅಭಿಯಾನಕ್ಕೆ ಚಾಲನೆ ನೀಡಿ ಮಾತನಾಡಿದರು. ಭಾರತ 2011 ರಿಂದ ಪೋಲಿಯೋ ಮುಕ್ತ ರಾಷ್ಟ್ರವಾಗಿದ್ದು ಆ ಸಾಧನೆಯನ್ನು ಉಳಿಸಿಕೊಳ್ಳಲು ಎಲ್ಲರೂ ಸಹಕರಿಸಬೇಕು. ಆರೋಗ್ಯ ಕಾರ್ಯಕರ್ತೆಯರು ಮನೆ ಮನೆಗೆ ಭೇಟಿ ನೀಡಿ ಲಸಿಕೆ ಹಾಕಲಿದ್ದಾರೆ ಎಂದರು. ಆರೋಗ್ಯ ಇಲಾಖೆಯ ಸಿಬ್ಬಂದಿ, ಆಶಾ ಕಾರ್ಯಕರ್ತೆಯರು ಹಾಗೂ ಪಾಲಕರು ಪಾಲ್ಗೊಂಡಿದ್ದರು.
ಮಕ್ಕಳಿಗೆ ಉತ್ತಮ ಸಂಸ್ಕಾರ ನೀಡಿ
ಶಿರಹಟ್ಟಿ: ಮಕ್ಕಳಿಗೆ ಆಧುನಿಕ ಶಿಕ್ಷಣದ ಜೊತೆಗೆ ಉತ್ತಮ ಸಂಸ್ಕಾರ ನೀಡುವುದು ಪಾಲಕರ ಕರ್ತವ್ಯವಾಗಿದೆ. ಸಂಸ್ಕಾರವಂತ ಮಕ್ಕಳು ದೇಶದ ಆಸ್ತಿಯಾಗುತ್ತಾರೆ ಎಂದು ಜಿಲ್ಲಾ ಯುವ ಕಾಂಗ್ರೆಸ್ ಸಮಿತಿ ಅಧ್ಯಕ್ಷರು ಹೇಳಿದರು. ಪಟ್ಟಣದ ಖಾಸಗಿ ಶಾಲೆಯ ವಾರ್ಷಿಕ ಸ್ನೇಹ ಸಮ್ಮೇಳನ ಉದ್ಘಾಟಿಸಿ ಮಾತನಾಡಿದರು. ಶಾಲಾ ಮಕ್ಕಳು ವಿವಿಧ ಸಾಂಸ್ಕೃತಿಕ ಕಾರ್ಯಕ್ರಮಗಳನ್ನು ನಡೆಸಿಕೊಟ್ಟರು.
ಗದಗ: ತಾಲೂಕಿನ ಲಕ್ಕುಂಡಿ ಗ್ರಾಮಕ್ಕೆ ಆಗಮಿಸುವ ಪ್ರವಾಸಿಗರ ಅನುಕೂಲಕ್ಕಾಗಿ ಇಲ್ಲಿಯ ಹಾಲಗುಂಡಿ ಬಸವೇಶ್ವರ ಕೆರೆಯ ಪಕ್ಕದಲ್ಲಿ ಪ್ರವಾಸೋದ್ಯಮ ಇಲಾಖೆಯ ಅನುದಾನದಲ್ಲಿ ನಿರ್ಮಾಣವಾಗುವ ಹೈಟೆಕ್ ಶೌಚಾಲಯ ಕಾಮಗಾರಿಗೆ ಗ್ರಾಮ ಪಂಚಾಯತಿ ಅಧ್ಯಕ್ಷ ಕೆ.ಎಸ್. ಪೂಜಾರ ಹಾಗೂ ಲಕ್ಕುಂಡಿ ಅಭಿವೃದ್ಧಿ ಪ್ರಾಧಿಕಾರದ ಉಸ್ತುವಾರಿ ಸಮಿತಿ ಸದಸ್ಯ ಸಿದ್ದು ಪಾಟೀಲ ಭೂಮಿಪೂಜೆ ನೆರವೇರಿಸಿದರು.
ಶರಣರ ವಚನ ಕಠಪಾಠ ಅವಶ್ಯ
ಮುಂಡರಗಿ: ವಿದ್ಯಾರ್ಥಿಗಳು ಶರಣರ ವಚನಗಳನ್ನು ಕಂಠಪಾಠ ಮಾಡುವುದರಿಂದ ಅವರಲ್ಲಿ ಉತ್ತಮ ಸಂಸ್ಕಾರ ಬೆಳೆಯುತ್ತದೆ. ವಚನ ಸಾಹಿತ್ಯ ಬದುಕಿನ ಮೌಲ್ಯಗಳನ್ನು ತಿಳಿಸುತ್ತದೆ ಎಂದು ಜಗದ್ಗುರು ತೋಂಟದಾರ್ಯ ವಿದ್ಯಾಪೀಠದ ಆಡಳಿತಾಧಿಕಾರಿ ಹೇಳಿದರು. ಪಟ್ಟಣದ ಶಾಲೆಯಲ್ಲಿ ಆಯೋಜಿಸಿದ್ದ ವಚನ ಕಂಠಪಾಠ ಸ್ಪರ್ಧೆಯ ಬಹುಮಾನ ವಿತರಣೆ ಸಮಾರಂಭದಲ್ಲಿ ಮಾತನಾಡಿದರು. ಬಸವಣ್ಣ, ಅಲ್ಲಮಪ್ರಭು, ಅಕ್ಕಮಹಾದೇವಿ ಸೇರಿದಂತೆ ಹಲವು ಶರಣರ ವಚನಗಳನ್ನು ಮಕ್ಕಳು ಸುಶ್ರಾವ್ಯವಾಗಿ ಹಾಡಿದರು. ವಿಜೇತ ವಿದ್ಯಾರ್ಥಿಗಳಿಗೆ ಪ್ರಮಾಣಪತ್ರ ಹಾಗೂ ಬಹುಮಾನ ವಿತರಿಸಲಾಯಿತು. ಶಿಕ್ಷಕರು ಹಾಗೂ ಪಾಲಕರು ಉಪಸ್ಥಿತರಿದ್ದರು.
ಮತದಾನದಿಂದ ಪ್ರಜಾಪ್ರಭುತ್ವ ರಕ್ಷಣೆ
ಮುಂಡರಗಿ: ಭಾರತ ದೇಶದ ಪ್ರಜಾಪ್ರಭುತ್ವ ವ್ಯವಸ್ಥೆಯನ್ನು ಉಳಿಸಿಕೊಳ್ಳಲು ಪ್ರತಿಯೊಬ್ಬ ಪ್ರಜೆಯೂ ಮತದಾನದ ಹಕ್ಕನ್ನು ತಪ್ಪದೇ ಚಲಾಯಿಸಬೇಕು ಎಂದು ಪ್ರಾಚಾರ್ಯ ಡಾ. ಬಿ.ಜಿ. ಜವಳಿ ಹೇಳಿದರು. ಪಟ್ಟಣದ ಪದವಿ ಕಾಲೇಜಿನಲ್ಲಿ ರಾಜ್ಯಶಾಸ್ತ್ರ ವಿಭಾಗದಿಂದ ಹಮ್ಮಿಕೊಂಡಿದ್ದ ಮತದಾರರ ಜಾಗೃತಿ ಕಾರ್ಯಕ್ರಮದಲ್ಲಿ ಮಾತನಾಡಿದರು. ಯುವ ಮತದಾರರು ಹೆಸರು ನೋಂದಾಯಿಸಿಕೊಳ್ಳಬೇಕು. ಯಾವುದೇ ಆಮಿಷಕ್ಕೆ ಒಳಗಾಗದೆ ಯೋಗ್ಯ ಅಭ್ಯರ್ಥಿಗೆ ಮತ ನೀಡಬೇಕು ಎಂದರು. ಉಪನ್ಯಾಸಕರು ಹಾಗೂ ವಿದ್ಯಾರ್ಥಿಗಳು ಪಾಲ್ಗೊಂಡಿದ್ದರು.
ಜಾತ್ಯತೀತ ಶಕ್ತಿ ಒಂದಾಗುವ ಕಾಲ
ಗದಗ: ಜಾತ್ಯತೀತ, ಪ್ರಜಾಸತ್ತಾತ್ಮಕ ಭಾರತ ಇಂದು ಸಂಕಷ್ಟ ಸ್ಥಿತಿಯಲ್ಲಿದೆ. ಜಾತ್ಯತೀತ ಶಕ್ತಿಗಳು ಒಂದಾಗುವ ಕಾಲ ಬಂದಿದೆ ಎಂದು ಭಾರತ ಕಮ್ಯುನಿಸ್ಟ್ ಪಕ್ಷದ ಜಿಲ್ಲಾ ಕಾರ್ಯದರ್ಶಿ ಹೇಳಿದರು. ನಗರದಲ್ಲಿ ಪಕ್ಷದ ಶತಮಾನೋತ್ಸವದ ಅಂಗವಾಗಿ ಹಮ್ಮಿಕೊಂಡಿದ್ದ ಕಾರ್ಯಕ್ರಮದಲ್ಲಿ ಧ್ವಜಾರೋಹಣ ನೆರವೇರಿಸಿ ಮಾತನಾಡಿದರು. ದೇಶದಲ್ಲಿ ಕಾರ್ಮಿಕರು, ರೈತರು ಹಾಗೂ ಬಡವರ ಹಕ್ಕುಗಳ ರಕ್ಷಣೆಗಾಗಿ ಪಕ್ಷ ನಿರಂತರ ಹೋರಾಟ ನಡೆಸುತ್ತಿದೆ. ಸಂವಿಧಾನದ ಮೌಲ್ಯಗಳನ್ನು ಉಳಿಸಲು ಎಲ್ಲರೂ ಸಂಘಟಿತರಾಗಬೇಕು ಎಂದರು. ಪಕ್ಷದ ಮುಖಂಡರು ಹಾಗೂ ಕಾರ್ಯಕರ್ತರು ಭಾಗವಹಿಸಿದ್ದರು.
ಪೋಲಿಯೋ ರೋಗ ತಡೆಗೆ ಸಹಕರಿಸಿ
ಲಕ್ಷ್ಮೇಶ್ವರ: ಮಾರಣಾಂತಿಕ ಪೋಲಿಯೋ ರೋಗ ತಡೆಗೆ ಎಲ್ಲರೂ ಸಹಕರಿಸಬೇಕು. ಪಾಲಕರು ತಮ್ಮ ಐದು ವರ್ಷದೊಳಗಿನ ಮಕ್ಕಳಿಗೆ ಲಸಿಕೆ ಹಾಕಿಸಬೇಕು ಎಂದು ತಾಲೂಕು ಆರೋಗ್ಯಾಧಿಕಾರಿ ಹೇಳಿದರು. ಪಟ್ಟಣದ ಸಮುದಾಯ ಆರೋಗ್ಯ ಕೇಂದ್ರದಲ್ಲಿ ಪಲ್ಸ್ ಪೋಲಿಯೋ ಕಾರ್ಯಕ್ರಮಕ್ಕೆ ಚಾಲನೆ ನೀಡಿ ಮಾತನಾಡಿದರು. ತಾಲೂಕಿನಲ್ಲಿ ಒಟ್ಟು 12,050 ಮಕ್ಕಳಿಗೆ ಪೋಲಿಯೋ ಲಸಿಕೆ ಹಾಕುವ ಗುರಿ ಹೊಂದಲಾಗಿದೆ. ಇದಕ್ಕಾಗಿ ವಿವಿಧೆಡೆ ಬೂತ್‌ಗಳನ್ನು ತೆರೆಯಲಾಗಿದೆ ಎಂದರು. ವೈದ್ಯರು, ಸಿಬ್ಬಂದಿ ಹಾಗೂ ಆಶಾ ಕಾರ್ಯಕರ್ತೆಯರು ಪಾಲ್ಗೊಂಡಿದ್ದರು.
